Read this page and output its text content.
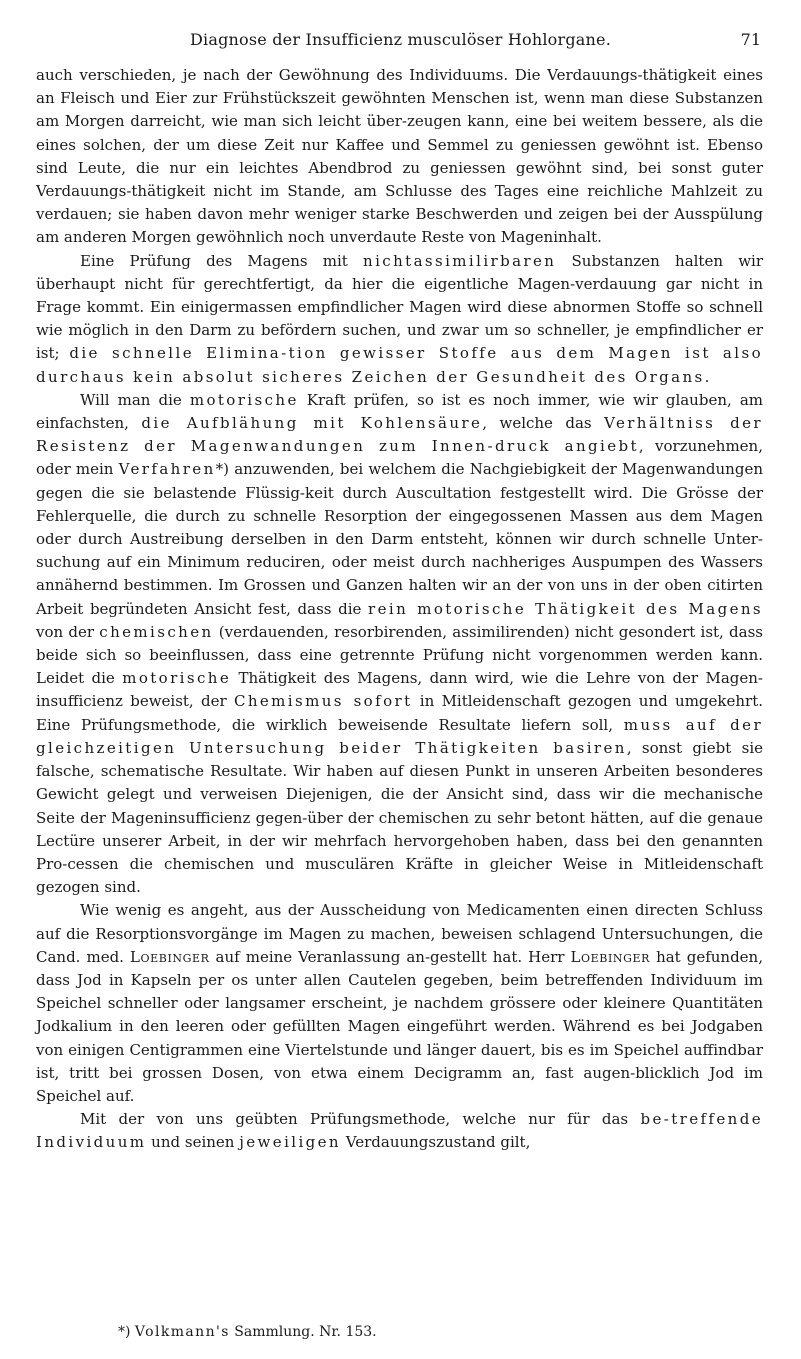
Diagnose der Insufficienz musculöser Hohlorgane.	71

auch verschieden, je nach der Gewöhnung des Individuums. Die Verdauungs-thätigkeit eines an Fleisch und Eier zur Frühstückszeit gewöhnten Menschen ist, wenn man diese Substanzen am Morgen darreicht, wie man sich leicht über-zeugen kann, eine bei weitem bessere, als die eines solchen, der um diese Zeit nur Kaffee und Semmel zu geniessen gewöhnt ist. Ebenso sind Leute, die nur ein leichtes Abendbrod zu geniessen gewöhnt sind, bei sonst guter Verdauungs-thätigkeit nicht im Stande, am Schlusse des Tages eine reichliche Mahlzeit zu verdauen; sie haben davon mehr weniger starke Beschwerden und zeigen bei der Ausspülung am anderen Morgen gewöhnlich noch unverdaute Reste von Mageninhalt.

Eine Prüfung des Magens mit nichtassimilirbaren Substanzen halten wir überhaupt nicht für gerechtfertigt, da hier die eigentliche Magen-verdauung gar nicht in Frage kommt. Ein einigermassen empfindlicher Magen wird diese abnormen Stoffe so schnell wie möglich in den Darm zu befördern suchen, und zwar um so schneller, je empfindlicher er ist; die schnelle Elimina-tion gewisser Stoffe aus dem Magen ist also durchaus kein absolut sicheres Zeichen der Gesundheit des Organs.

Will man die motorische Kraft prüfen, so ist es noch immer, wie wir glauben, am einfachsten, die Aufblähung mit Kohlensäure, welche das Verhältniss der Resistenz der Magenwandungen zum Innen-druck angiebt, vorzunehmen, oder mein Verfahren*) anzuwenden, bei welchem die Nachgiebigkeit der Magenwandungen gegen die sie belastende Flüssig-keit durch Auscultation festgestellt wird. Die Grösse der Fehlerquelle, die durch zu schnelle Resorption der eingegossenen Massen aus dem Magen oder durch Austreibung derselben in den Darm entsteht, können wir durch schnelle Unter-suchung auf ein Minimum reduciren, oder meist durch nachheriges Auspumpen des Wassers annähernd bestimmen. Im Grossen und Ganzen halten wir an der von uns in der oben citirten Arbeit begründeten Ansicht fest, dass die rein motorische Thätigkeit des Magens von der chemischen (verdauenden, resorbirenden, assimilirenden) nicht gesondert ist, dass beide sich so beeinflussen, dass eine getrennte Prüfung nicht vorgenommen werden kann. Leidet die motorische Thätigkeit des Magens, dann wird, wie die Lehre von der Magen-insufficienz beweist, der Chemismus sofort in Mitleidenschaft gezogen und umgekehrt. Eine Prüfungsmethode, die wirklich beweisende Resultate liefern soll, muss auf der gleichzeitigen Untersuchung beider Thätigkeiten basiren, sonst giebt sie falsche, schematische Resultate. Wir haben auf diesen Punkt in unseren Arbeiten besonderes Gewicht gelegt und verweisen Diejenigen, die der Ansicht sind, dass wir die mechanische Seite der Mageninsufficienz gegen-über der chemischen zu sehr betont hätten, auf die genaue Lectüre unserer Arbeit, in der wir mehrfach hervorgehoben haben, dass bei den genannten Pro-cessen die chemischen und musculären Kräfte in gleicher Weise in Mitleidenschaft gezogen sind.

Wie wenig es angeht, aus der Ausscheidung von Medicamenten einen directen Schluss auf die Resorptionsvorgänge im Magen zu machen, beweisen schlagend Untersuchungen, die Cand. med. Loebinger auf meine Veranlassung an-gestellt hat. Herr Loebinger hat gefunden, dass Jod in Kapseln per os unter allen Cautelen gegeben, beim betreffenden Individuum im Speichel schneller oder langsamer erscheint, je nachdem grössere oder kleinere Quantitäten Jodkalium in den leeren oder gefüllten Magen eingeführt werden. Während es bei Jodgaben von einigen Centigrammen eine Viertelstunde und länger dauert, bis es im Speichel auffindbar ist, tritt bei grossen Dosen, von etwa einem Decigramm an, fast augen-blicklich Jod im Speichel auf.

Mit der von uns geübten Prüfungsmethode, welche nur für das be-treffende Individuum und seinen jeweiligen Verdauungszustand gilt,

*) Volkmann's Sammlung. Nr. 153.
